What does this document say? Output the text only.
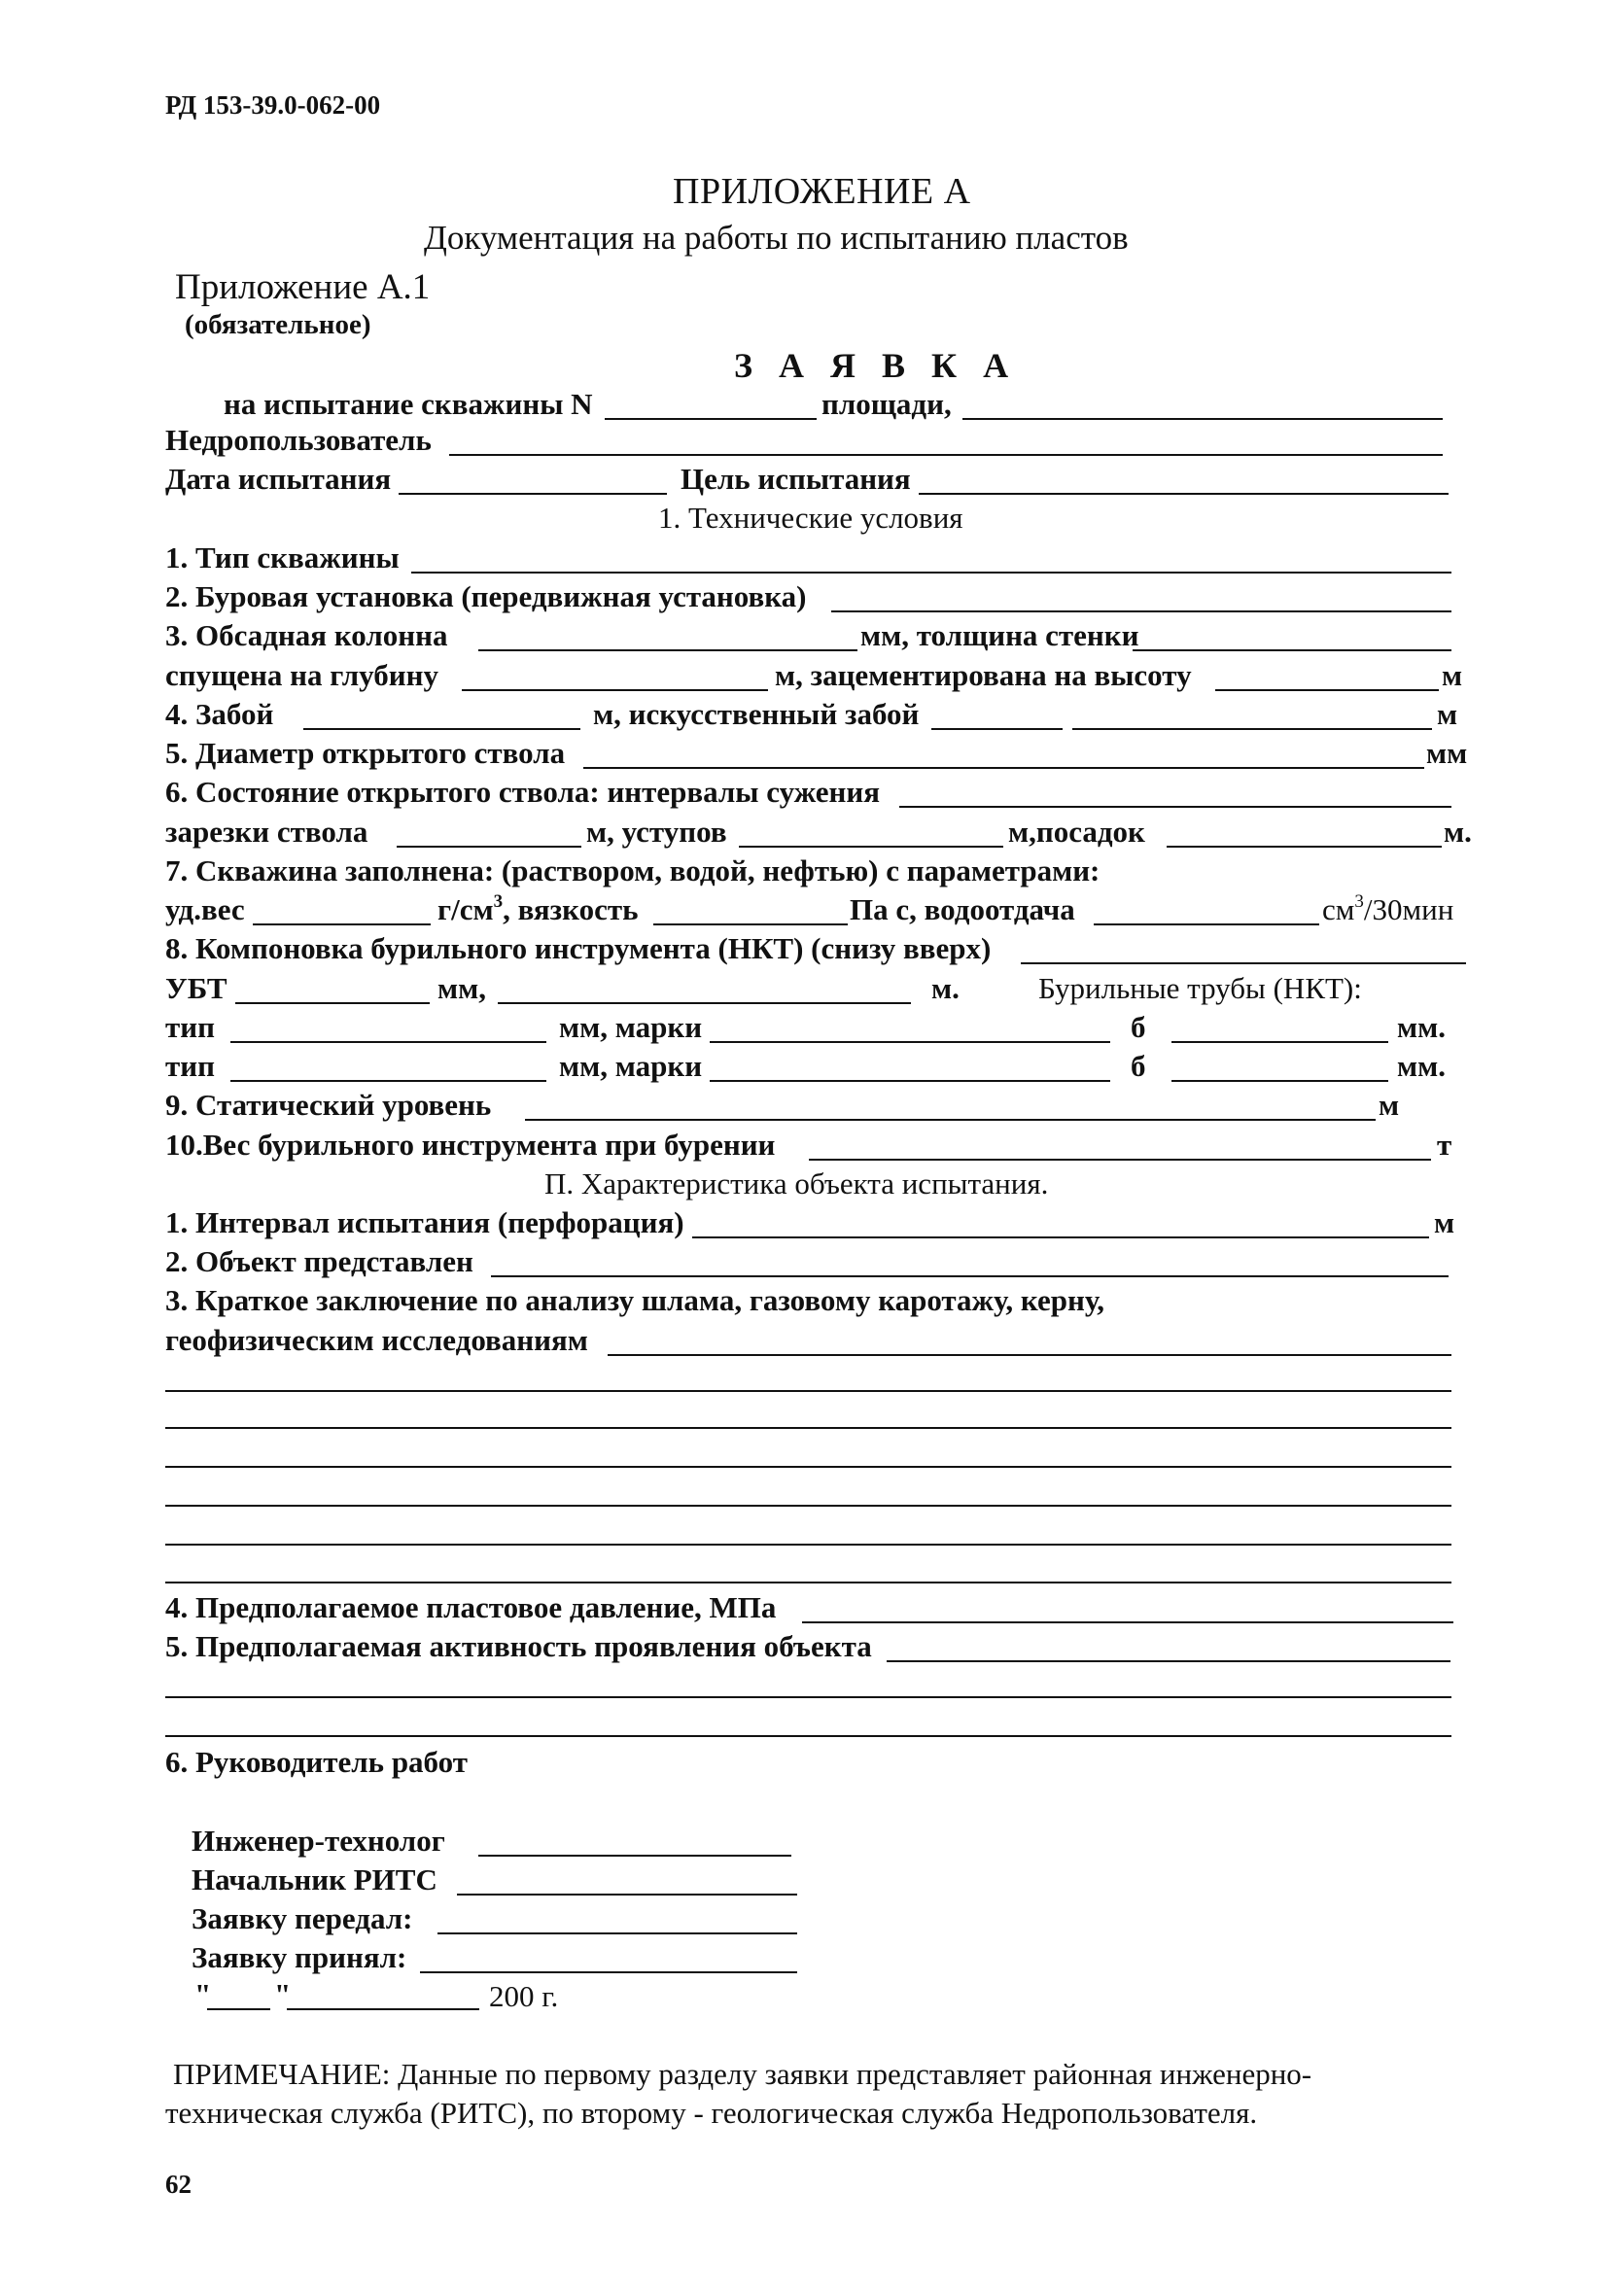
РД 153-39.0-062-00
ПРИЛОЖЕНИЕ А
Документация на работы по испытанию пластов
Приложение А.1
(обязательное)
З А Я В К А
на испытание скважины N	площади,
Недропользователь
Дата испытания	Цель испытания
1. Технические условия
1. Тип скважины
2. Буровая установка (передвижная установка)
3. Обсадная колонна	мм, толщина стенки
спущена на глубину	м, зацементирована на высоту	м
4. Забой	м, искусственный забой	м
5. Диаметр открытого ствола	мм
6. Состояние открытого ствола: интервалы сужения
зарезки ствола	м, уступов	м,посадок	м.
7. Скважина заполнена: (раствором, водой, нефтью) с параметрами:
уд.вес	$г/см^3$, вязкость	Па с, водоотдача	$см^3/30мин$
8. Компоновка бурильного инструмента (НКТ) (снизу вверх)
УБТ	мм,	м.	Бурильные трубы (НКТ):
тип	мм, марки	б	мм.
тип	мм, марки	б	мм.
9. Статический уровень	м
10.Вес бурильного инструмента при бурении	т
П. Характеристика объекта испытания.
1. Интервал испытания (перфорация)	м
2. Объект представлен
3. Краткое заключение по анализу шлама, газовому каротажу, керну,
геофизическим исследованиям
4. Предполагаемое пластовое давление, МПа
5. Предполагаемая активность проявления объекта
6. Руководитель работ
Инженер-технолог
Начальник РИТС
Заявку передал:
Заявку принял:
" "	200 г.
ПРИМЕЧАНИЕ: Данные по первому разделу заявки представляет районная инженерно-
техническая служба (РИТС), по второму - геологическая служба Недропользователя.
62
